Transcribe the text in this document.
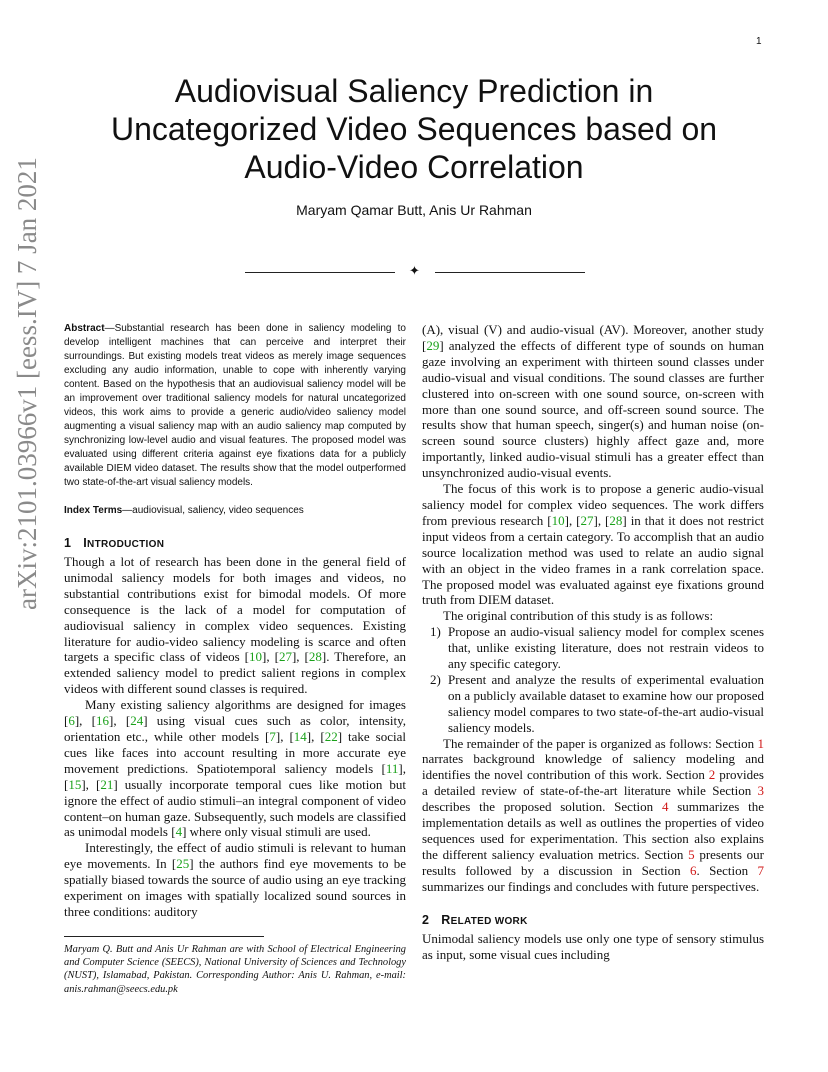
1
arXiv:2101.03966v1 [eess.IV] 7 Jan 2021
Audiovisual Saliency Prediction in
Uncategorized Video Sequences based on
Audio-Video Correlation
Maryam Qamar Butt, Anis Ur Rahman
✦

Abstract—Substantial research has been done in saliency modeling to develop intelligent machines that can perceive and interpret their surroundings. But existing models treat videos as merely image sequences excluding any audio information, unable to cope with inherently varying content. Based on the hypothesis that an audiovisual saliency model will be an improvement over traditional saliency models for natural uncategorized videos, this work aims to provide a generic audio/video saliency model augmenting a visual saliency map with an audio saliency map computed by synchronizing low-level audio and visual features. The proposed model was evaluated using different criteria against eye fixations data for a publicly available DIEM video dataset. The results show that the model outperformed two state-of-the-art visual saliency models.

Index Terms—audiovisual, saliency, video sequences

1 INTRODUCTION

Though a lot of research has been done in the general field of unimodal saliency models for both images and videos, no substantial contributions exist for bimodal models. Of more consequence is the lack of a model for computation of audiovisual saliency in complex video sequences. Existing literature for audio-video saliency modeling is scarce and often targets a specific class of videos [10], [27], [28]. Therefore, an extended saliency model to predict salient regions in complex videos with different sound classes is required.

Many existing saliency algorithms are designed for images [6], [16], [24] using visual cues such as color, intensity, orientation etc., while other models [7], [14], [22] take social cues like faces into account resulting in more accurate eye movement predictions. Spatiotemporal saliency models [11], [15], [21] usually incorporate temporal cues like motion but ignore the effect of audio stimuli–an integral component of video content–on human gaze. Subsequently, such models are classified as unimodal models [4] where only visual stimuli are used.

Interestingly, the effect of audio stimuli is relevant to human eye movements. In [25] the authors find eye movements to be spatially biased towards the source of audio using an eye tracking experiment on images with spatially localized sound sources in three conditions: auditory

Maryam Q. Butt and Anis Ur Rahman are with School of Electrical Engineering and Computer Science (SEECS), National University of Sciences and Technology (NUST), Islamabad, Pakistan. Corresponding Author: Anis U. Rahman, e-mail: anis.rahman@seecs.edu.pk

(A), visual (V) and audio-visual (AV). Moreover, another study [29] analyzed the effects of different type of sounds on human gaze involving an experiment with thirteen sound classes under audio-visual and visual conditions. The sound classes are further clustered into on-screen with one sound source, on-screen with more than one sound source, and off-screen sound source. The results show that human speech, singer(s) and human noise (on-screen sound source clusters) highly affect gaze and, more importantly, linked audio-visual stimuli has a greater effect than unsynchronized audio-visual events.

The focus of this work is to propose a generic audio-visual saliency model for complex video sequences. The work differs from previous research [10], [27], [28] in that it does not restrict input videos from a certain category. To accomplish that an audio source localization method was used to relate an audio signal with an object in the video frames in a rank correlation space. The proposed model was evaluated against eye fixations ground truth from DIEM dataset.

The original contribution of this study is as follows:

1) Propose an audio-visual saliency model for complex scenes that, unlike existing literature, does not restrain videos to any specific category.
2) Present and analyze the results of experimental evaluation on a publicly available dataset to examine how our proposed saliency model compares to two state-of-the-art audio-visual saliency models.

The remainder of the paper is organized as follows: Section 1 narrates background knowledge of saliency modeling and identifies the novel contribution of this work. Section 2 provides a detailed review of state-of-the-art literature while Section 3 describes the proposed solution. Section 4 summarizes the implementation details as well as outlines the properties of video sequences used for experimentation. This section also explains the different saliency evaluation metrics. Section 5 presents our results followed by a discussion in Section 6. Section 7 summarizes our findings and concludes with future perspectives.

2 RELATED WORK

Unimodal saliency models use only one type of sensory stimulus as input, some visual cues including
